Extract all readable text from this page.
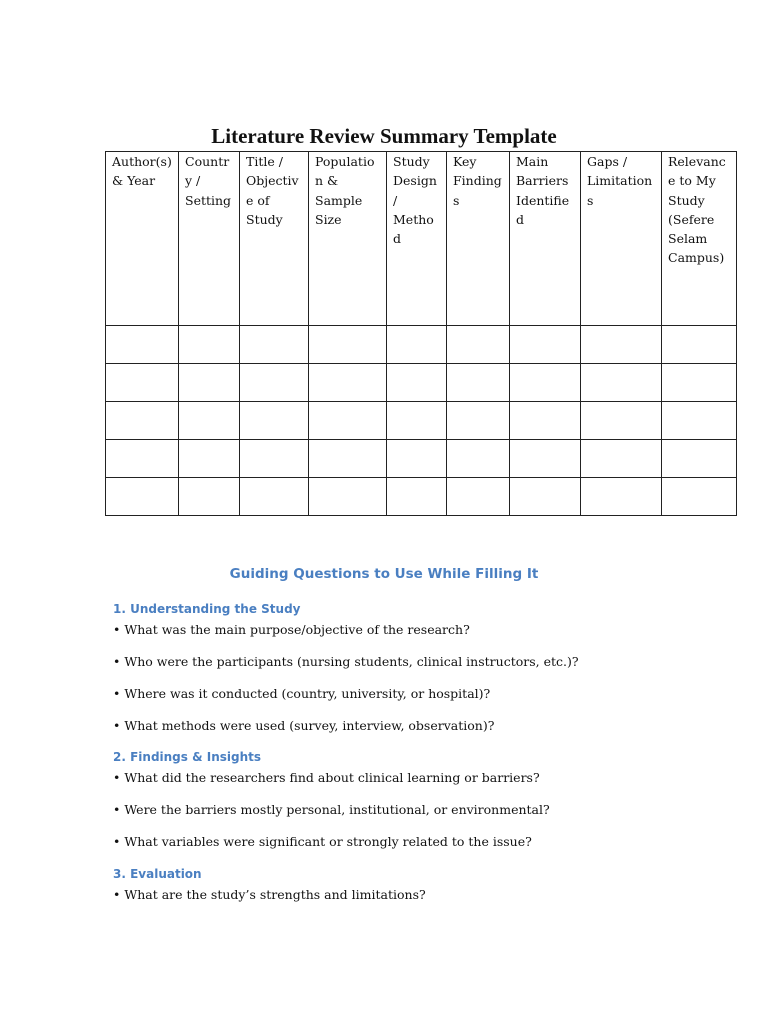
Literature Review Summary Template
Author(s) & Year	Country / Setting	Title / Objective of Study	Population & Sample Size	Study Design / Method	Key Findings	Main Barriers Identified	Gaps / Limitations	Relevance to My Study (Sefere Selam Campus)

Guiding Questions to Use While Filling It
1. Understanding the Study

• What was the main purpose/objective of the research?

• Who were the participants (nursing students, clinical instructors, etc.)?

• Where was it conducted (country, university, or hospital)?

• What methods were used (survey, interview, observation)?

2. Findings & Insights

• What did the researchers find about clinical learning or barriers?

• Were the barriers mostly personal, institutional, or environmental?

• What variables were significant or strongly related to the issue?

3. Evaluation

• What are the study’s strengths and limitations?
